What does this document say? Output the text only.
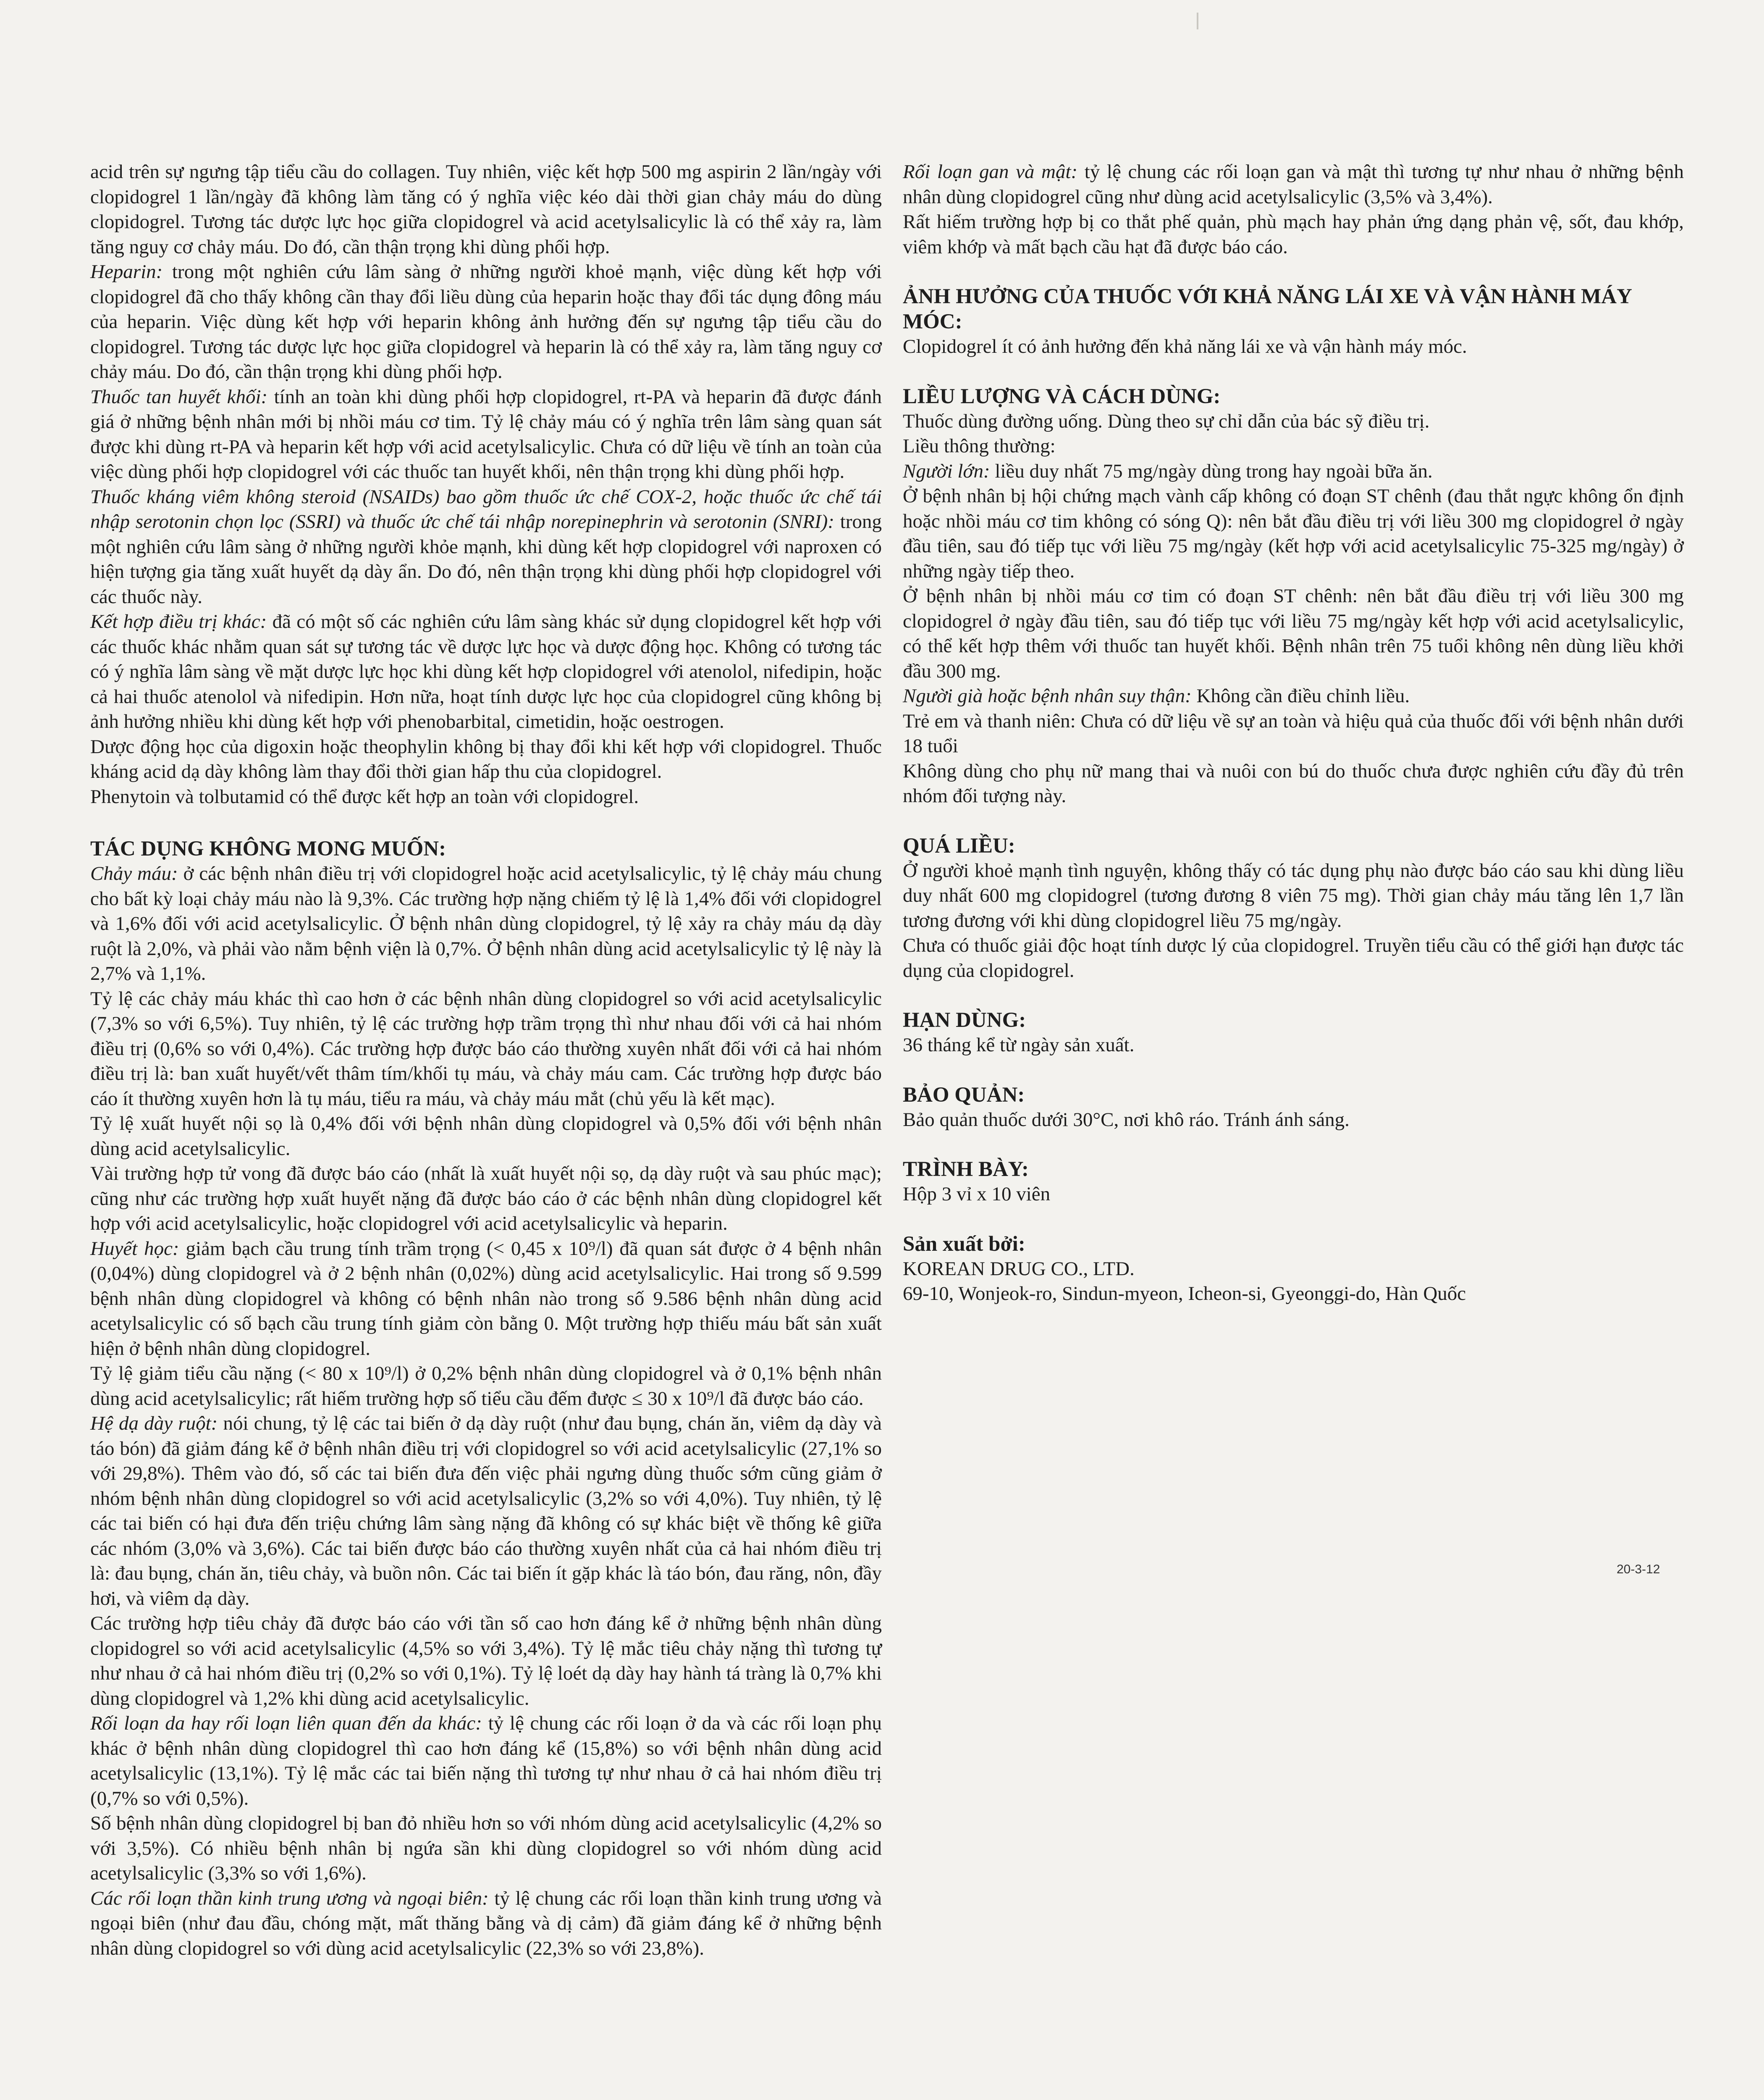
acid trên sự ngưng tập tiểu cầu do collagen. Tuy nhiên, việc kết hợp 500 mg aspirin 2 lần/ngày với clopidogrel 1 lần/ngày đã không làm tăng có ý nghĩa việc kéo dài thời gian chảy máu do dùng clopidogrel. Tương tác dược lực học giữa clopidogrel và acid acetylsalicylic là có thể xảy ra, làm tăng nguy cơ chảy máu. Do đó, cần thận trọng khi dùng phối hợp.

Heparin: trong một nghiên cứu lâm sàng ở những người khoẻ mạnh, việc dùng kết hợp với clopidogrel đã cho thấy không cần thay đổi liều dùng của heparin hoặc thay đổi tác dụng đông máu của heparin. Việc dùng kết hợp với heparin không ảnh hưởng đến sự ngưng tập tiểu cầu do clopidogrel. Tương tác dược lực học giữa clopidogrel và heparin là có thể xảy ra, làm tăng nguy cơ chảy máu. Do đó, cần thận trọng khi dùng phối hợp.

Thuốc tan huyết khối: tính an toàn khi dùng phối hợp clopidogrel, rt-PA và heparin đã được đánh giá ở những bệnh nhân mới bị nhồi máu cơ tim. Tỷ lệ chảy máu có ý nghĩa trên lâm sàng quan sát được khi dùng rt-PA và heparin kết hợp với acid acetylsalicylic. Chưa có dữ liệu về tính an toàn của việc dùng phối hợp clopidogrel với các thuốc tan huyết khối, nên thận trọng khi dùng phối hợp.

Thuốc kháng viêm không steroid (NSAIDs) bao gồm thuốc ức chế COX-2, hoặc thuốc ức chế tái nhập serotonin chọn lọc (SSRI) và thuốc ức chế tái nhập norepinephrin và serotonin (SNRI): trong một nghiên cứu lâm sàng ở những người khỏe mạnh, khi dùng kết hợp clopidogrel với naproxen có hiện tượng gia tăng xuất huyết dạ dày ẩn. Do đó, nên thận trọng khi dùng phối hợp clopidogrel với các thuốc này.

Kết hợp điều trị khác: đã có một số các nghiên cứu lâm sàng khác sử dụng clopidogrel kết hợp với các thuốc khác nhằm quan sát sự tương tác về dược lực học và dược động học. Không có tương tác có ý nghĩa lâm sàng về mặt dược lực học khi dùng kết hợp clopidogrel với atenolol, nifedipin, hoặc cả hai thuốc atenolol và nifedipin. Hơn nữa, hoạt tính dược lực học của clopidogrel cũng không bị ảnh hưởng nhiều khi dùng kết hợp với phenobarbital, cimetidin, hoặc oestrogen.

Dược động học của digoxin hoặc theophylin không bị thay đổi khi kết hợp với clopidogrel. Thuốc kháng acid dạ dày không làm thay đổi thời gian hấp thu của clopidogrel.

Phenytoin và tolbutamid có thể được kết hợp an toàn với clopidogrel.

TÁC DỤNG KHÔNG MONG MUỐN:

Chảy máu: ở các bệnh nhân điều trị với clopidogrel hoặc acid acetylsalicylic, tỷ lệ chảy máu chung cho bất kỳ loại chảy máu nào là 9,3%. Các trường hợp nặng chiếm tỷ lệ là 1,4% đối với clopidogrel và 1,6% đối với acid acetylsalicylic. Ở bệnh nhân dùng clopidogrel, tỷ lệ xảy ra chảy máu dạ dày ruột là 2,0%, và phải vào nằm bệnh viện là 0,7%. Ở bệnh nhân dùng acid acetylsalicylic tỷ lệ này là 2,7% và 1,1%.

Tỷ lệ các chảy máu khác thì cao hơn ở các bệnh nhân dùng clopidogrel so với acid acetylsalicylic (7,3% so với 6,5%). Tuy nhiên, tỷ lệ các trường hợp trầm trọng thì như nhau đối với cả hai nhóm điều trị (0,6% so với 0,4%). Các trường hợp được báo cáo thường xuyên nhất đối với cả hai nhóm điều trị là: ban xuất huyết/vết thâm tím/khối tụ máu, và chảy máu cam. Các trường hợp được báo cáo ít thường xuyên hơn là tụ máu, tiểu ra máu, và chảy máu mắt (chủ yếu là kết mạc).

Tỷ lệ xuất huyết nội sọ là 0,4% đối với bệnh nhân dùng clopidogrel và 0,5% đối với bệnh nhân dùng acid acetylsalicylic.

Vài trường hợp tử vong đã được báo cáo (nhất là xuất huyết nội sọ, dạ dày ruột và sau phúc mạc); cũng như các trường hợp xuất huyết nặng đã được báo cáo ở các bệnh nhân dùng clopidogrel kết hợp với acid acetylsalicylic, hoặc clopidogrel với acid acetylsalicylic và heparin.

Huyết học: giảm bạch cầu trung tính trầm trọng (< 0,45 x 10⁹/l) đã quan sát được ở 4 bệnh nhân (0,04%) dùng clopidogrel và ở 2 bệnh nhân (0,02%) dùng acid acetylsalicylic. Hai trong số 9.599 bệnh nhân dùng clopidogrel và không có bệnh nhân nào trong số 9.586 bệnh nhân dùng acid acetylsalicylic có số bạch cầu trung tính giảm còn bằng 0. Một trường hợp thiếu máu bất sản xuất hiện ở bệnh nhân dùng clopidogrel.

Tỷ lệ giảm tiểu cầu nặng (< 80 x 10⁹/l) ở 0,2% bệnh nhân dùng clopidogrel và ở 0,1% bệnh nhân dùng acid acetylsalicylic; rất hiếm trường hợp số tiểu cầu đếm được ≤ 30 x 10⁹/l đã được báo cáo.

Hệ dạ dày ruột: nói chung, tỷ lệ các tai biến ở dạ dày ruột (như đau bụng, chán ăn, viêm dạ dày và táo bón) đã giảm đáng kể ở bệnh nhân điều trị với clopidogrel so với acid acetylsalicylic (27,1% so với 29,8%). Thêm vào đó, số các tai biến đưa đến việc phải ngưng dùng thuốc sớm cũng giảm ở nhóm bệnh nhân dùng clopidogrel so với acid acetylsalicylic (3,2% so với 4,0%). Tuy nhiên, tỷ lệ các tai biến có hại đưa đến triệu chứng lâm sàng nặng đã không có sự khác biệt về thống kê giữa các nhóm (3,0% và 3,6%). Các tai biến được báo cáo thường xuyên nhất của cả hai nhóm điều trị là: đau bụng, chán ăn, tiêu chảy, và buồn nôn. Các tai biến ít gặp khác là táo bón, đau răng, nôn, đầy hơi, và viêm dạ dày.

Các trường hợp tiêu chảy đã được báo cáo với tần số cao hơn đáng kể ở những bệnh nhân dùng clopidogrel so với acid acetylsalicylic (4,5% so với 3,4%). Tỷ lệ mắc tiêu chảy nặng thì tương tự như nhau ở cả hai nhóm điều trị (0,2% so với 0,1%). Tỷ lệ loét dạ dày hay hành tá tràng là 0,7% khi dùng clopidogrel và 1,2% khi dùng acid acetylsalicylic.

Rối loạn da hay rối loạn liên quan đến da khác: tỷ lệ chung các rối loạn ở da và các rối loạn phụ khác ở bệnh nhân dùng clopidogrel thì cao hơn đáng kể (15,8%) so với bệnh nhân dùng acid acetylsalicylic (13,1%). Tỷ lệ mắc các tai biến nặng thì tương tự như nhau ở cả hai nhóm điều trị (0,7% so với 0,5%).

Số bệnh nhân dùng clopidogrel bị ban đỏ nhiều hơn so với nhóm dùng acid acetylsalicylic (4,2% so với 3,5%). Có nhiều bệnh nhân bị ngứa sần khi dùng clopidogrel so với nhóm dùng acid acetylsalicylic (3,3% so với 1,6%).

Các rối loạn thần kinh trung ương và ngoại biên: tỷ lệ chung các rối loạn thần kinh trung ương và ngoại biên (như đau đầu, chóng mặt, mất thăng bằng và dị cảm) đã giảm đáng kể ở những bệnh nhân dùng clopidogrel so với dùng acid acetylsalicylic (22,3% so với 23,8%).

Rối loạn gan và mật: tỷ lệ chung các rối loạn gan và mật thì tương tự như nhau ở những bệnh nhân dùng clopidogrel cũng như dùng acid acetylsalicylic (3,5% và 3,4%).

Rất hiếm trường hợp bị co thắt phế quản, phù mạch hay phản ứng dạng phản vệ, sốt, đau khớp, viêm khớp và mất bạch cầu hạt đã được báo cáo.

ẢNH HƯỞNG CỦA THUỐC VỚI KHẢ NĂNG LÁI XE VÀ VẬN HÀNH MÁY MÓC:

Clopidogrel ít có ảnh hưởng đến khả năng lái xe và vận hành máy móc.

LIỀU LƯỢNG VÀ CÁCH DÙNG:

Thuốc dùng đường uống. Dùng theo sự chỉ dẫn của bác sỹ điều trị.

Liều thông thường:

Người lớn: liều duy nhất 75 mg/ngày dùng trong hay ngoài bữa ăn.

Ở bệnh nhân bị hội chứng mạch vành cấp không có đoạn ST chênh (đau thắt ngực không ổn định hoặc nhồi máu cơ tim không có sóng Q): nên bắt đầu điều trị với liều 300 mg clopidogrel ở ngày đầu tiên, sau đó tiếp tục với liều 75 mg/ngày (kết hợp với acid acetylsalicylic 75-325 mg/ngày) ở những ngày tiếp theo.

Ở bệnh nhân bị nhồi máu cơ tim có đoạn ST chênh: nên bắt đầu điều trị với liều 300 mg clopidogrel ở ngày đầu tiên, sau đó tiếp tục với liều 75 mg/ngày kết hợp với acid acetylsalicylic, có thể kết hợp thêm với thuốc tan huyết khối. Bệnh nhân trên 75 tuổi không nên dùng liều khởi đầu 300 mg.

Người già hoặc bệnh nhân suy thận: Không cần điều chỉnh liều.

Trẻ em và thanh niên: Chưa có dữ liệu về sự an toàn và hiệu quả của thuốc đối với bệnh nhân dưới 18 tuổi

Không dùng cho phụ nữ mang thai và nuôi con bú do thuốc chưa được nghiên cứu đầy đủ trên nhóm đối tượng này.

QUÁ LIỀU:

Ở người khoẻ mạnh tình nguyện, không thấy có tác dụng phụ nào được báo cáo sau khi dùng liều duy nhất 600 mg clopidogrel (tương đương 8 viên 75 mg). Thời gian chảy máu tăng lên 1,7 lần tương đương với khi dùng clopidogrel liều 75 mg/ngày.

Chưa có thuốc giải độc hoạt tính dược lý của clopidogrel. Truyền tiểu cầu có thể giới hạn được tác dụng của clopidogrel.

HẠN DÙNG:

36 tháng kể từ ngày sản xuất.

BẢO QUẢN:

Bảo quản thuốc dưới 30°C, nơi khô ráo. Tránh ánh sáng.

TRÌNH BÀY:

Hộp 3 vỉ x 10 viên

Sản xuất bởi:

KOREAN DRUG CO., LTD.

69-10, Wonjeok-ro, Sindun-myeon, Icheon-si, Gyeonggi-do, Hàn Quốc

20-3-12
